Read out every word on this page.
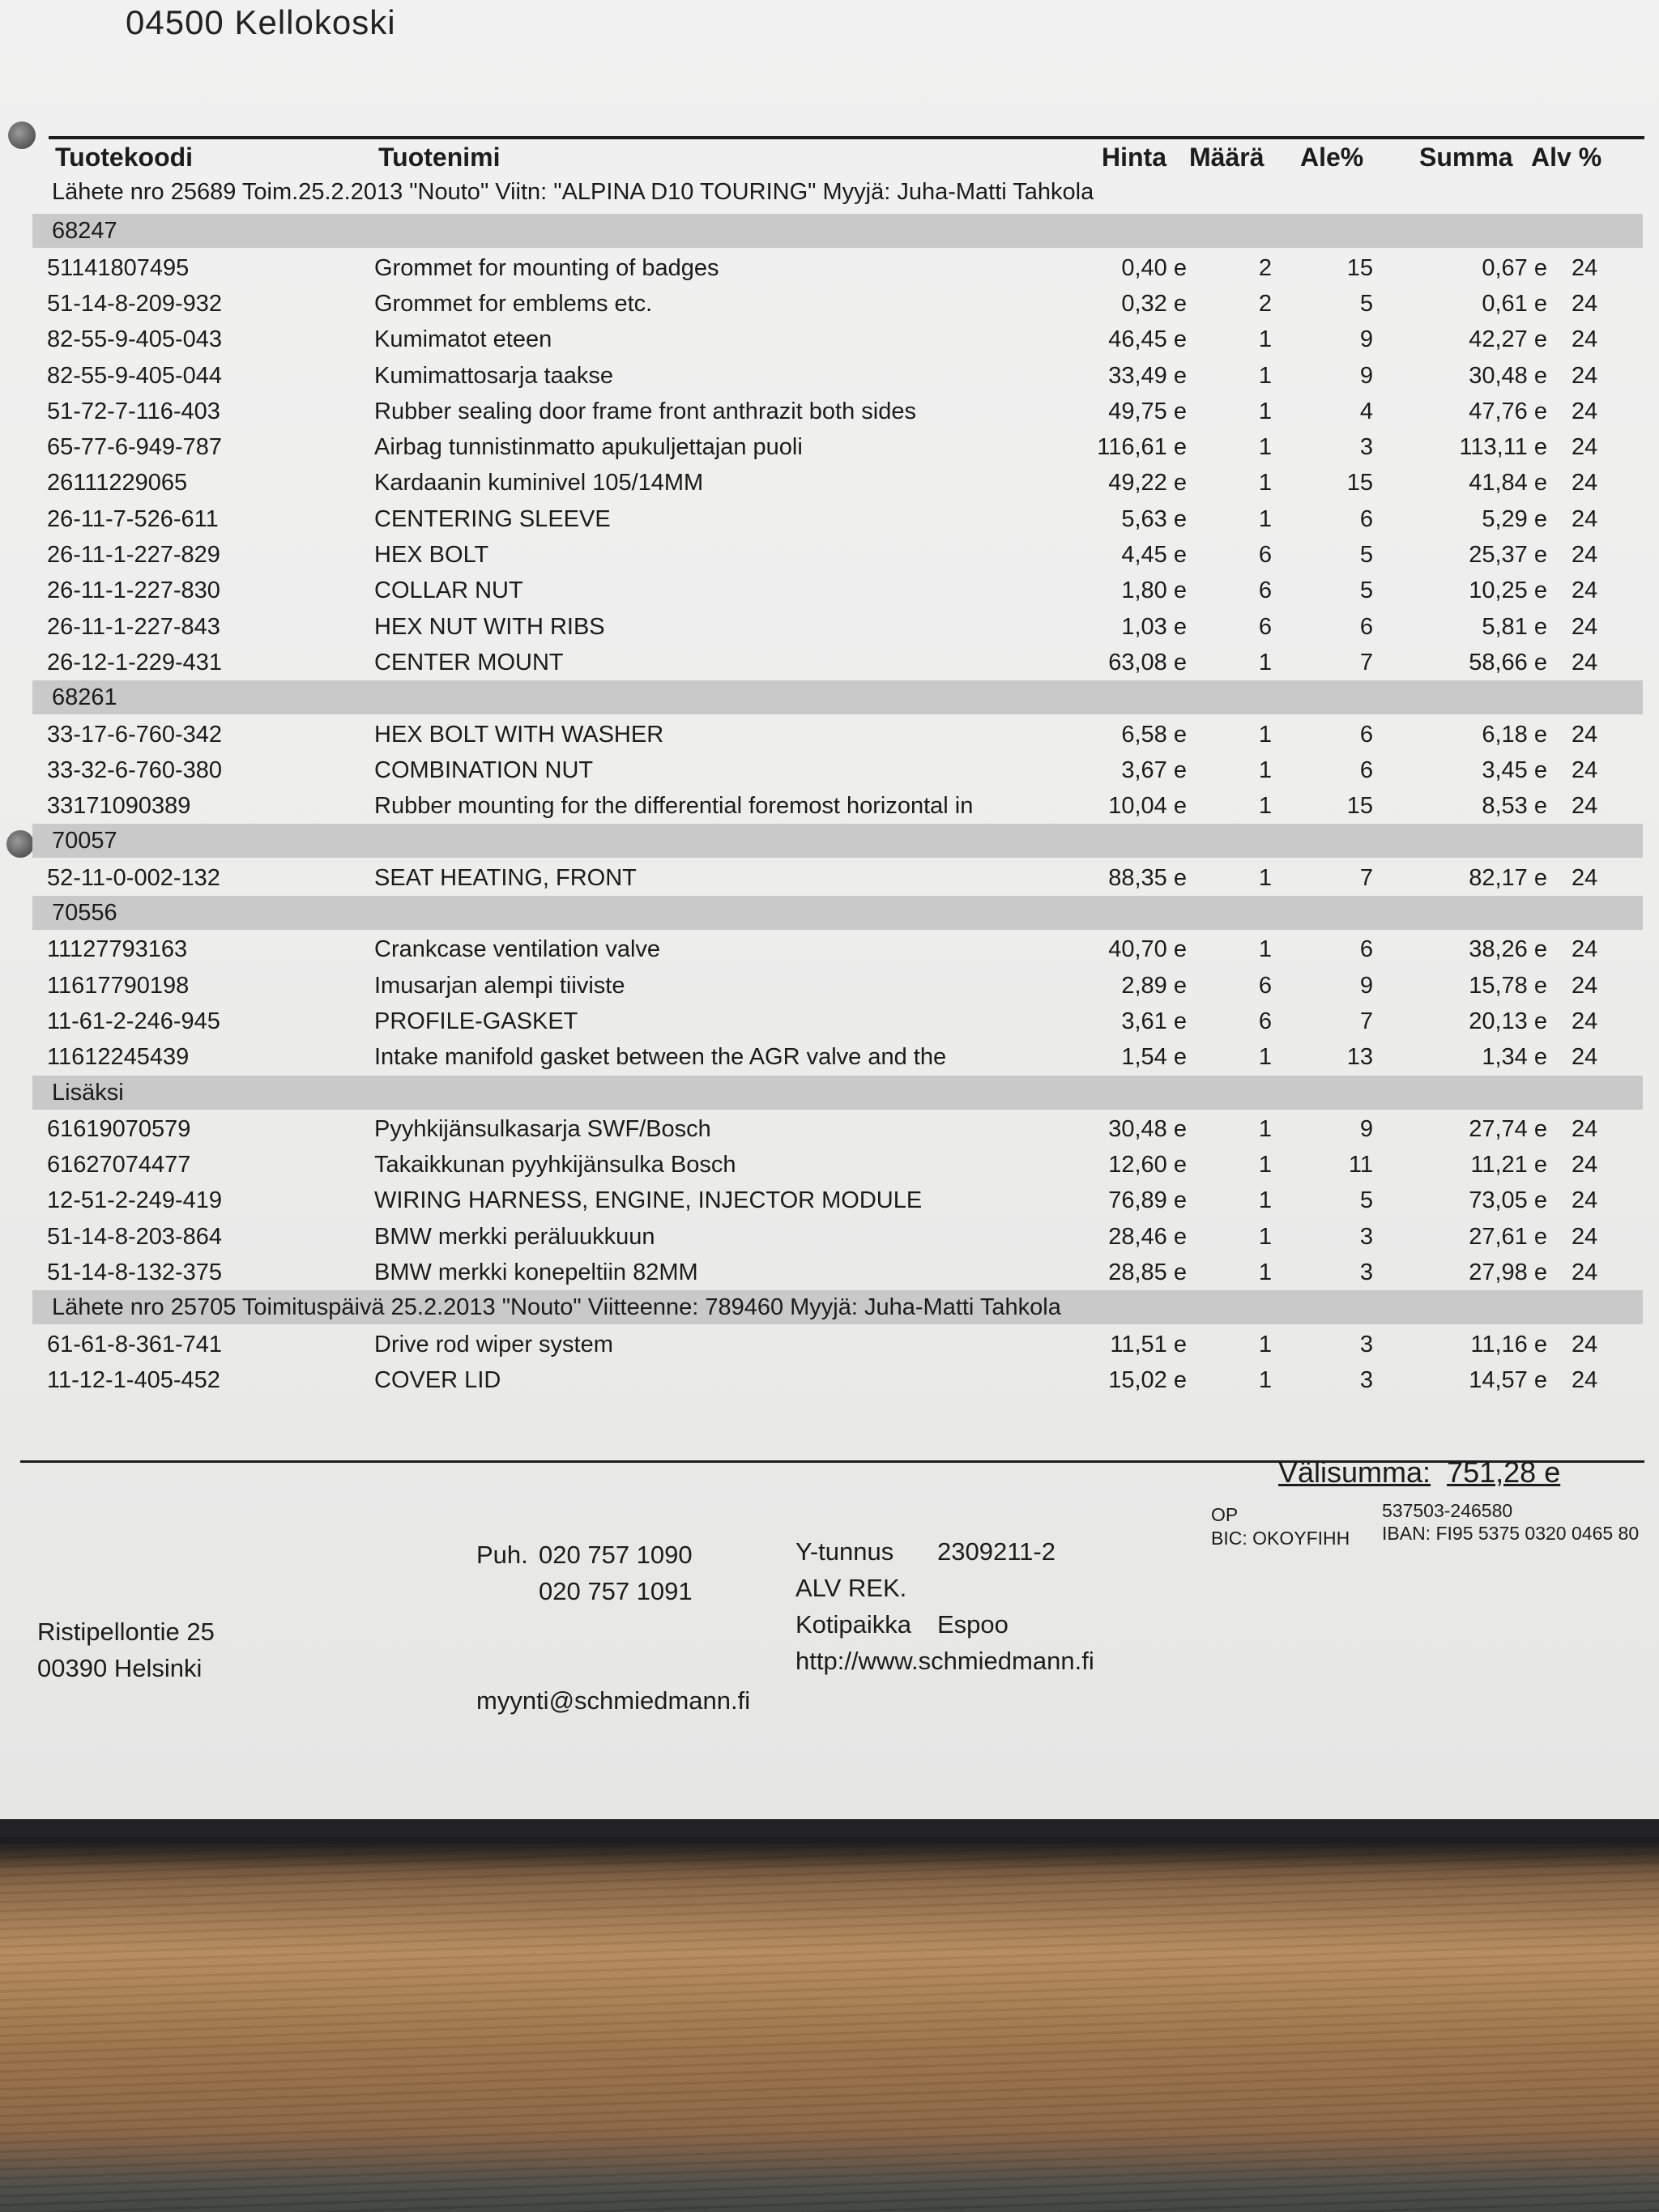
04500 Kellokoski
Tuotekoodi	Tuotenimi	Hinta Määrä Ale% Summa Alv %
Lähete nro 25689 Toim.25.2.2013 "Nouto" Viitn: "ALPINA D10 TOURING" Myyjä: Juha-Matti Tahkola
68247
51141807495	Grommet for mounting of badges	0,40 e	2	15	0,67 e 24
51-14-8-209-932	Grommet for emblems etc.	0,32 e	2	5	0,61 e 24
82-55-9-405-043	Kumimatot eteen	46,45 e	1	9	42,27 e 24
82-55-9-405-044	Kumimattosarja taakse	33,49 e	1	9	30,48 e 24
51-72-7-116-403	Rubber sealing door frame front anthrazit both sides	49,75 e	1	4	47,76 e 24
65-77-6-949-787	Airbag tunnistinmatto apukuljettajan puoli	116,61 e	1	3	113,11 e 24
26111229065	Kardaanin kuminivel 105/14MM	49,22 e	1	15	41,84 e 24
26-11-7-526-611	CENTERING SLEEVE	5,63 e	1	6	5,29 e 24
26-11-1-227-829	HEX BOLT	4,45 e	6	5	25,37 e 24
26-11-1-227-830	COLLAR NUT	1,80 e	6	5	10,25 e 24
26-11-1-227-843	HEX NUT WITH RIBS	1,03 e	6	6	5,81 e 24
26-12-1-229-431	CENTER MOUNT	63,08 e	1	7	58,66 e 24
68261
33-17-6-760-342	HEX BOLT WITH WASHER	6,58 e	1	6	6,18 e 24
33-32-6-760-380	COMBINATION NUT	3,67 e	1	6	3,45 e 24
33171090389	Rubber mounting for the differential foremost horizontal in	10,04 e	1	15	8,53 e 24
70057
52-11-0-002-132	SEAT HEATING, FRONT	88,35 e	1	7	82,17 e 24
70556
11127793163	Crankcase ventilation valve	40,70 e	1	6	38,26 e 24
11617790198	Imusarjan alempi tiiviste	2,89 e	6	9	15,78 e 24
11-61-2-246-945	PROFILE-GASKET	3,61 e	6	7	20,13 e 24
11612245439	Intake manifold gasket between the AGR valve and the	1,54 e	1	13	1,34 e 24
Lisäksi
61619070579	Pyyhkijänsulkasarja SWF/Bosch	30,48 e	1	9	27,74 e 24
61627074477	Takaikkunan pyyhkijänsulka Bosch	12,60 e	1	11	11,21 e 24
12-51-2-249-419	WIRING HARNESS, ENGINE, INJECTOR MODULE	76,89 e	1	5	73,05 e 24
51-14-8-203-864	BMW merkki peräluukkuun	28,46 e	1	3	27,61 e 24
51-14-8-132-375	BMW merkki konepeltiin 82MM	28,85 e	1	3	27,98 e 24
Lähete nro 25705 Toimituspäivä 25.2.2013 "Nouto" Viitteenne: 789460 Myyjä: Juha-Matti Tahkola
61-61-8-361-741	Drive rod wiper system	11,51 e	1	3	11,16 e 24
11-12-1-405-452	COVER LID	15,02 e	1	3	14,57 e 24
Välisumma: 751,28 e
OP	537503-246580
BIC: OKOYFIHH IBAN: FI95 5375 0320 0465 80
Puh. 020 757 1090
020 757 1091
myynti@schmiedmann.fi
Y-tunnus 2309211-2
ALV REK.
Kotipaikka Espoo
http://www.schmiedmann.fi
Ristipellontie 25
00390 Helsinki
